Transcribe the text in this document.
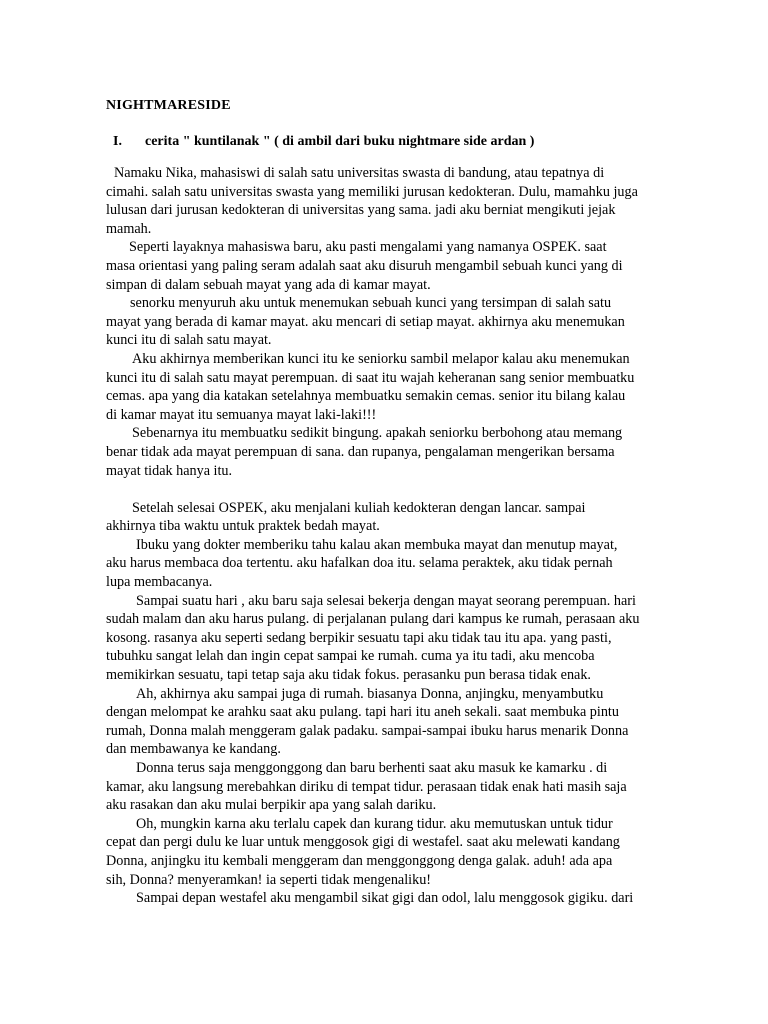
NIGHTMARESIDE
I. cerita " kuntilanak " ( di ambil dari buku nightmare side ardan )
Namaku Nika, mahasiswi di salah satu universitas swasta di bandung, atau tepatnya di
cimahi. salah satu universitas swasta yang memiliki jurusan kedokteran. Dulu, mamahku juga
lulusan dari jurusan kedokteran di universitas yang sama. jadi aku berniat mengikuti jejak
mamah.
Seperti layaknya mahasiswa baru, aku pasti mengalami yang namanya OSPEK. saat
masa orientasi yang paling seram adalah saat aku disuruh mengambil sebuah kunci yang di
simpan di dalam sebuah mayat yang ada di kamar mayat.
senorku menyuruh aku untuk menemukan sebuah kunci yang tersimpan di salah satu
mayat yang berada di kamar mayat. aku mencari di setiap mayat. akhirnya aku menemukan
kunci itu di salah satu mayat.
Aku akhirnya memberikan kunci itu ke seniorku sambil melapor kalau aku menemukan
kunci itu di salah satu mayat perempuan. di saat itu wajah keheranan sang senior membuatku
cemas. apa yang dia katakan setelahnya membuatku semakin cemas. senior itu bilang kalau
di kamar mayat itu semuanya mayat laki-laki!!!
Sebenarnya itu membuatku sedikit bingung. apakah seniorku berbohong atau memang
benar tidak ada mayat perempuan di sana. dan rupanya, pengalaman mengerikan bersama
mayat tidak hanya itu.
Setelah selesai OSPEK, aku menjalani kuliah kedokteran dengan lancar. sampai
akhirnya tiba waktu untuk praktek bedah mayat.
Ibuku yang dokter memberiku tahu kalau akan membuka mayat dan menutup mayat,
aku harus membaca doa tertentu. aku hafalkan doa itu. selama peraktek, aku tidak pernah
lupa membacanya.
Sampai suatu hari , aku baru saja selesai bekerja dengan mayat seorang perempuan. hari
sudah malam dan aku harus pulang. di perjalanan pulang dari kampus ke rumah, perasaan aku
kosong. rasanya aku seperti sedang berpikir sesuatu tapi aku tidak tau itu apa. yang pasti,
tubuhku sangat lelah dan ingin cepat sampai ke rumah. cuma ya itu tadi, aku mencoba
memikirkan sesuatu, tapi tetap saja aku tidak fokus. perasanku pun berasa tidak enak.
Ah, akhirnya aku sampai juga di rumah. biasanya Donna, anjingku, menyambutku
dengan melompat ke arahku saat aku pulang. tapi hari itu aneh sekali. saat membuka pintu
rumah, Donna malah menggeram galak padaku. sampai-sampai ibuku harus menarik Donna
dan membawanya ke kandang.
Donna terus saja menggonggong dan baru berhenti saat aku masuk ke kamarku . di
kamar, aku langsung merebahkan diriku di tempat tidur. perasaan tidak enak hati masih saja
aku rasakan dan aku mulai berpikir apa yang salah dariku.
Oh, mungkin karna aku terlalu capek dan kurang tidur. aku memutuskan untuk tidur
cepat dan pergi dulu ke luar untuk menggosok gigi di westafel. saat aku melewati kandang
Donna, anjingku itu kembali menggeram dan menggonggong denga galak. aduh! ada apa
sih, Donna? menyeramkan! ia seperti tidak mengenaliku!
Sampai depan westafel aku mengambil sikat gigi dan odol, lalu menggosok gigiku. dari
